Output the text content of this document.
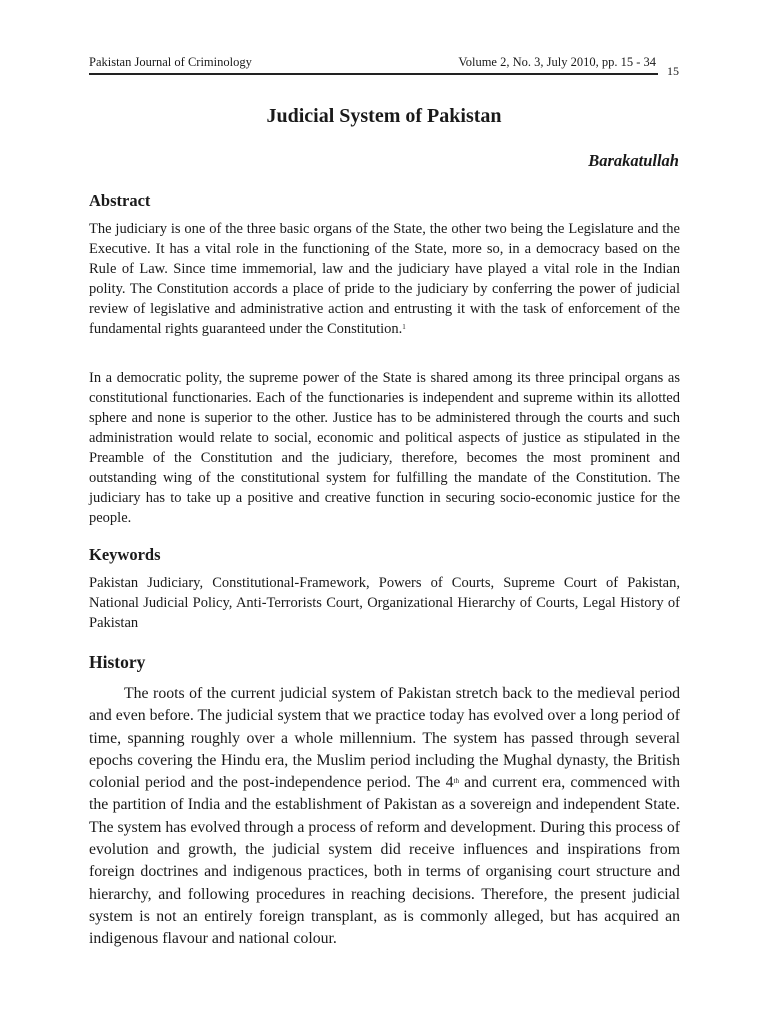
Pakistan Journal of Criminology	Volume 2, No. 3, July 2010, pp. 15 - 34
15
Judicial System of Pakistan
Barakatullah
Abstract

The judiciary is one of the three basic organs of the State, the other two being the Legislature and the Executive. It has a vital role in the functioning of the State, more so, in a democracy based on the Rule of Law. Since time immemorial, law and the judiciary have played a vital role in the Indian polity. The Constitution accords a place of pride to the judiciary by conferring the power of judicial review of legislative and administrative action and entrusting it with the task of enforcement of the fundamental rights guaranteed under the Constitution.$^1$

In a democratic polity, the supreme power of the State is shared among its three principal organs as constitutional functionaries. Each of the functionaries is independent and supreme within its allotted sphere and none is superior to the other. Justice has to be administered through the courts and such administration would relate to social, economic and political aspects of justice as stipulated in the Preamble of the Constitution and the judiciary, therefore, becomes the most prominent and outstanding wing of the constitutional system for fulfilling the mandate of the Constitution. The judiciary has to take up a positive and creative function in securing socio-economic justice for the people.

Keywords

Pakistan Judiciary, Constitutional-Framework, Powers of Courts, Supreme Court of Pakistan, National Judicial Policy, Anti-Terrorists Court, Organizational Hierarchy of Courts, Legal History of Pakistan

History

The roots of the current judicial system of Pakistan stretch back to the medieval period and even before. The judicial system that we practice today has evolved over a long period of time, spanning roughly over a whole millennium. The system has passed through several epochs covering the Hindu era, the Muslim period including the Mughal dynasty, the British colonial period and the post-independence period. The 4th and current era, commenced with the partition of India and the establishment of Pakistan as a sovereign and independent State. The system has evolved through a process of reform and development. During this process of evolution and growth, the judicial system did receive influences and inspirations from foreign doctrines and indigenous practices, both in terms of organising court structure and hierarchy, and following procedures in reaching decisions. Therefore, the present judicial system is not an entirely foreign transplant, as is commonly alleged, but has acquired an indigenous flavour and national colour.
